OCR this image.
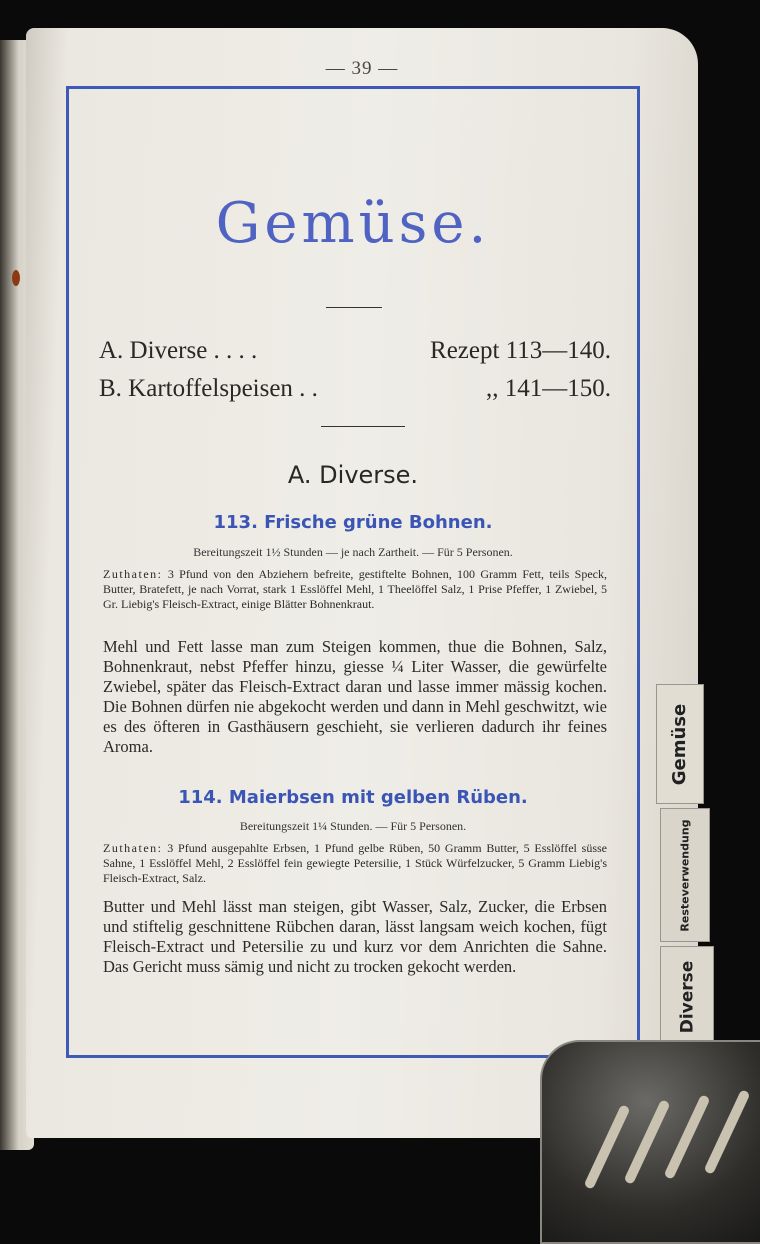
— 39 —
Gemüse.
A. Diverse . . . .	Rezept 113—140.
B. Kartoffelspeisen . .	,, 141—150.
A. Diverse.
113. Frische grüne Bohnen.
Bereitungszeit 1½ Stunden — je nach Zartheit. — Für 5 Personen.
Zuthaten: 3 Pfund von den Abziehern befreite, gestiftelte Bohnen, 100 Gramm Fett, teils Speck, Butter, Bratefett, je nach Vorrat, stark 1 Esslöffel Mehl, 1 Theelöffel Salz, 1 Prise Pfeffer, 1 Zwiebel, 5 Gr. Liebig's Fleisch-Extract, einige Blätter Bohnenkraut.
Mehl und Fett lasse man zum Steigen kommen, thue die Bohnen, Salz, Bohnenkraut, nebst Pfeffer hinzu, giesse ¼ Liter Wasser, die gewürfelte Zwiebel, später das Fleisch-Extract daran und lasse immer mässig kochen. Die Bohnen dürfen nie abgekocht werden und dann in Mehl geschwitzt, wie es des öfteren in Gasthäusern geschieht, sie verlieren dadurch ihr feines Aroma.
114. Maierbsen mit gelben Rüben.
Bereitungszeit 1¼ Stunden. — Für 5 Personen.
Zuthaten: 3 Pfund ausgepahlte Erbsen, 1 Pfund gelbe Rüben, 50 Gramm Butter, 5 Esslöffel süsse Sahne, 1 Esslöffel Mehl, 2 Esslöffel fein gewiegte Petersilie, 1 Stück Würfelzucker, 5 Gramm Liebig's Fleisch-Extract, Salz.
Butter und Mehl lässt man steigen, gibt Wasser, Salz, Zucker, die Erbsen und stiftelig geschnittene Rübchen daran, lässt langsam weich kochen, fügt Fleisch-Extract und Petersilie zu und kurz vor dem Anrichten die Sahne. Das Gericht muss sämig und nicht zu trocken gekocht werden.
Gemüse
Resteverwendung
Diverse
